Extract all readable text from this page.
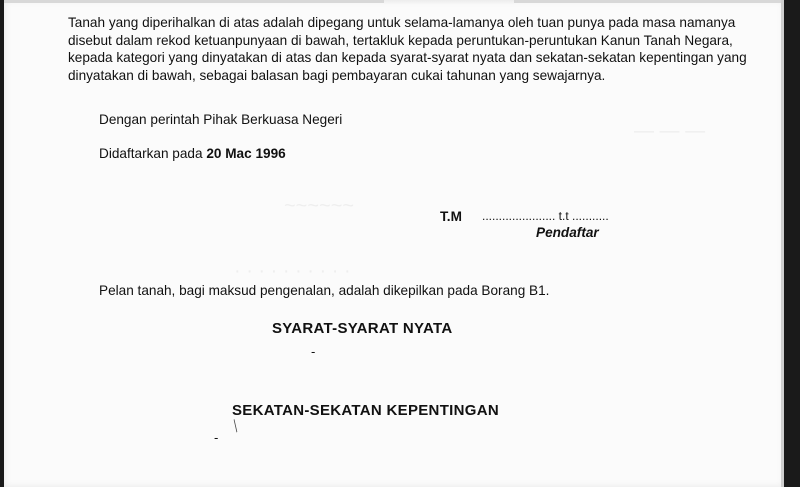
~~~~~~
· · · · · · · · · ·
— — —

Tanah yang diperihalkan di atas adalah dipegang untuk selama-lamanya oleh tuan punya pada masa namanya disebut dalam rekod ketuanpunyaan di bawah, tertakluk kepada peruntukan-peruntukan Kanun Tanah Negara, kepada kategori yang dinyatakan di atas dan kepada syarat-syarat nyata dan sekatan-sekatan kepentingan yang dinyatakan di bawah, sebagai balasan bagi pembayaran cukai tahunan yang sewajarnya.

Dengan perintah Pihak Berkuasa Negeri
Didaftarkan pada 20 Mac 1996
T.M ...................... t.t ...........
Pendaftar
Pelan tanah, bagi maksud pengenalan, adalah dikepilkan pada Borang B1.
SYARAT-SYARAT NYATA
-
SEKATAN-SEKATAN KEPENTINGAN
╱
-
